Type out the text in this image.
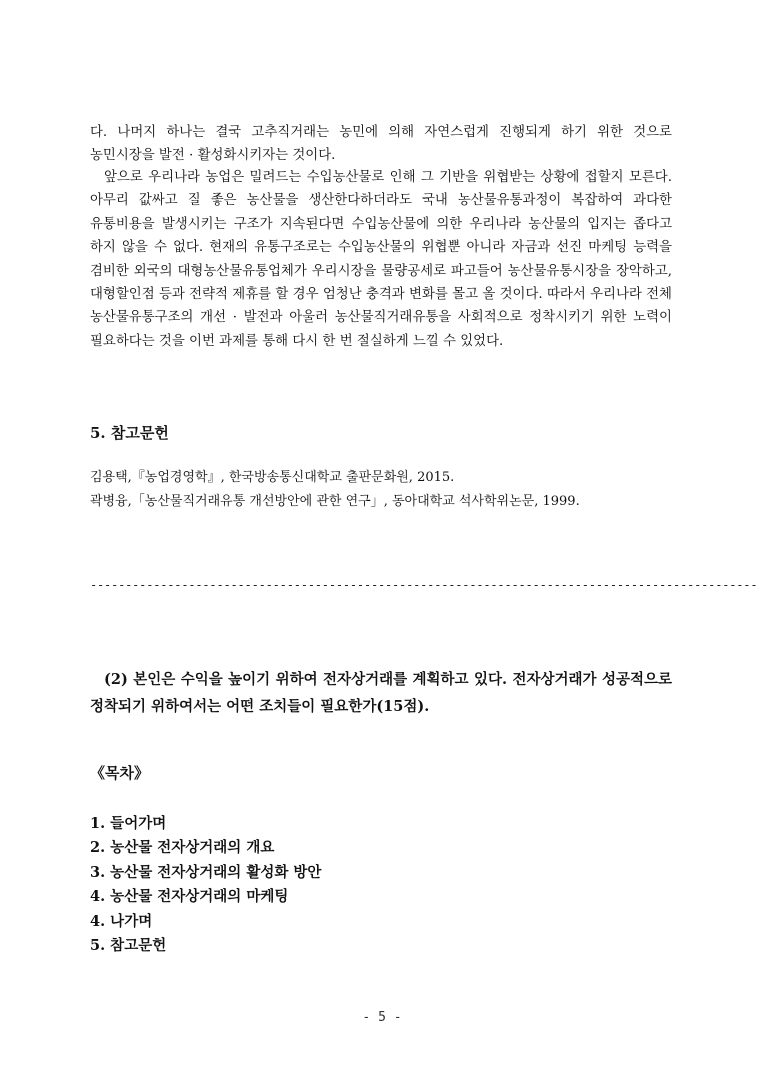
다. 나머지 하나는 결국 고추직거래는 농민에 의해 자연스럽게 진행되게 하기 위한 것으로 농민시장을 발전 · 활성화시키자는 것이다.

앞으로 우리나라 농업은 밀려드는 수입농산물로 인해 그 기반을 위협받는 상황에 접할지 모른다. 아무리 값싸고 질 좋은 농산물을 생산한다하더라도 국내 농산물유통과정이 복잡하여 과다한 유통비용을 발생시키는 구조가 지속된다면 수입농산물에 의한 우리나라 농산물의 입지는 좁다고 하지 않을 수 없다. 현재의 유통구조로는 수입농산물의 위협뿐 아니라 자금과 선진 마케팅 능력을 겸비한 외국의 대형농산물유통업체가 우리시장을 물량공세로 파고들어 농산물유통시장을 장악하고, 대형할인점 등과 전략적 제휴를 할 경우 엄청난 충격과 변화를 몰고 올 것이다. 따라서 우리나라 전체 농산물유통구조의 개선 · 발전과 아울러 농산물직거래유통을 사회적으로 정착시키기 위한 노력이 필요하다는 것을 이번 과제를 통해 다시 한 번 절실하게 느낄 수 있었다.

5. 참고문헌

김용택,『농업경영학』, 한국방송통신대학교 출판문화원, 2015.

곽병융,「농산물직거래유통 개선방안에 관한 연구」, 동아대학교 석사학위논문, 1999.

-----------------------------------------------------------------------------------------------

(2) 본인은 수익을 높이기 위하여 전자상거래를 계획하고 있다. 전자상거래가 성공적으로 정착되기 위하여서는 어떤 조치들이 필요한가(15점).

《목차》
1. 들어가며
2. 농산물 전자상거래의 개요
3. 농산물 전자상거래의 활성화 방안
4. 농산물 전자상거래의 마케팅
4. 나가며
5. 참고문헌
- 5 -
